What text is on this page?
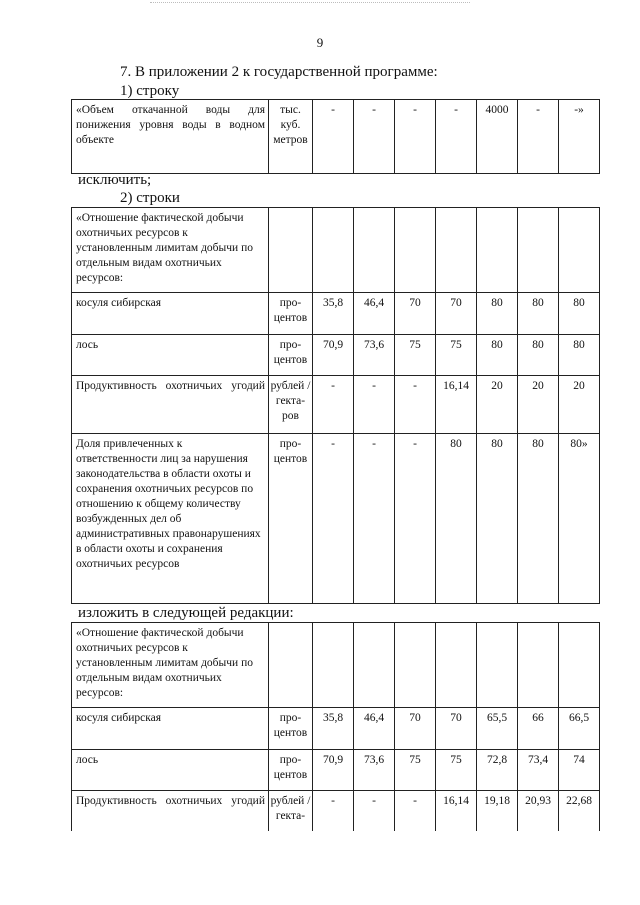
9
7. В приложении 2 к государственной программе:
1) строку
«Объем откачанной воды для понижения уровня воды в водном объекте
	тыс. куб. метров	-	-	-	-	4000	-	-»
исключить;
2) строки
«Отношение фактической добычи охотничьих ресурсов к установленным лимитам добычи по отдельным видам охотничьих ресурсов:								
косуля сибирская	про-центов	35,8	46,4	70	70	80	80	80
лось	про-центов	70,9	73,6	75	75	80	80	80

Продуктивность охотничьих угодий	рублей /гекта-ров	-	-	-	16,14	20	20	20
Доля привлеченных к ответственности лиц за нарушения законодательства в области охоты и сохранения охотничьих ресурсов по отношению к общему количеству возбужденных дел об административных правонарушениях в области охоты и сохранения охотничьих ресурсов	про-центов	-	-	-	80	80	80	80»
изложить в следующей редакции:
«Отношение фактической добычи охотничьих ресурсов к установленным лимитам добычи по отдельным видам охотничьих ресурсов:								
косуля сибирская	про-центов	35,8	46,4	70	70	65,5	66	66,5
лось	про-центов	70,9	73,6	75	75	72,8	73,4	74

Продуктивность охотничьих угодий	рублей /гекта-	-	-	-	16,14	19,18	20,93	22,68
